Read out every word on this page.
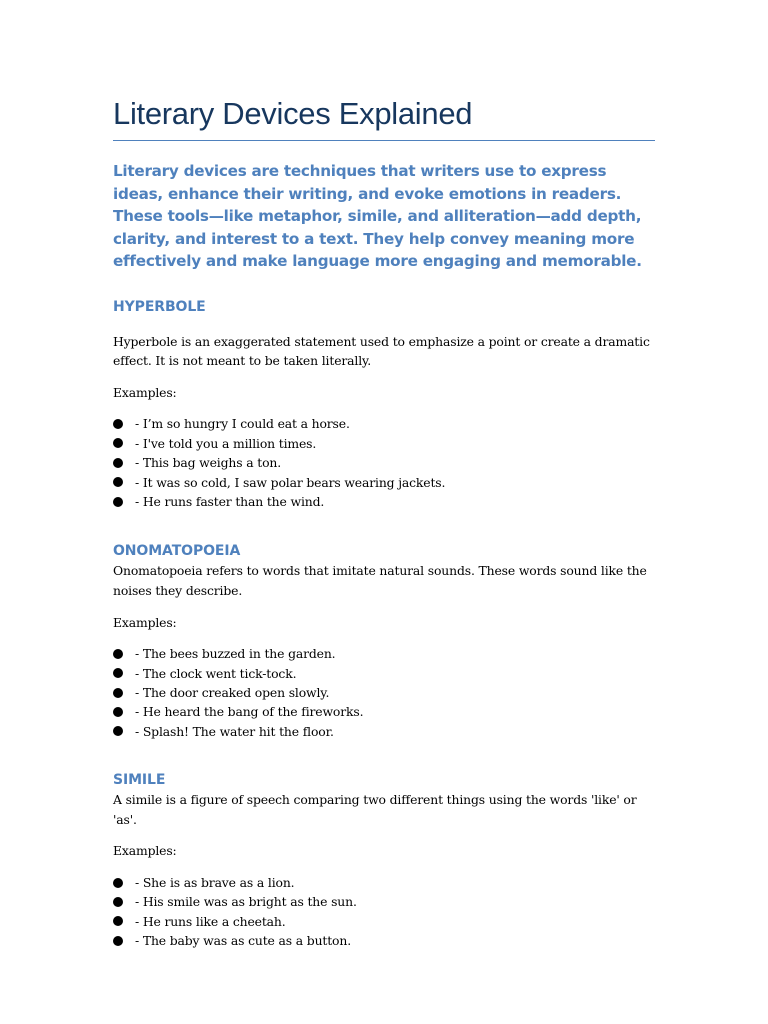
Literary Devices Explained

Literary devices are techniques that writers use to express ideas, enhance their writing, and evoke emotions in readers. These tools—like metaphor, simile, and alliteration—add depth, clarity, and interest to a text. They help convey meaning more effectively and make language more engaging and memorable.

HYPERBOLE

Hyperbole is an exaggerated statement used to emphasize a point or create a dramatic effect. It is not meant to be taken literally.

Examples:

- I’m so hungry I could eat a horse.
- I've told you a million times.
- This bag weighs a ton.
- It was so cold, I saw polar bears wearing jackets.
- He runs faster than the wind.
ONOMATOPOEIA

Onomatopoeia refers to words that imitate natural sounds. These words sound like the noises they describe.

Examples:

- The bees buzzed in the garden.
- The clock went tick-tock.
- The door creaked open slowly.
- He heard the bang of the fireworks.
- Splash! The water hit the floor.
SIMILE

A simile is a figure of speech comparing two different things using the words 'like' or 'as'.

Examples:

- She is as brave as a lion.
- His smile was as bright as the sun.
- He runs like a cheetah.
- The baby was as cute as a button.
